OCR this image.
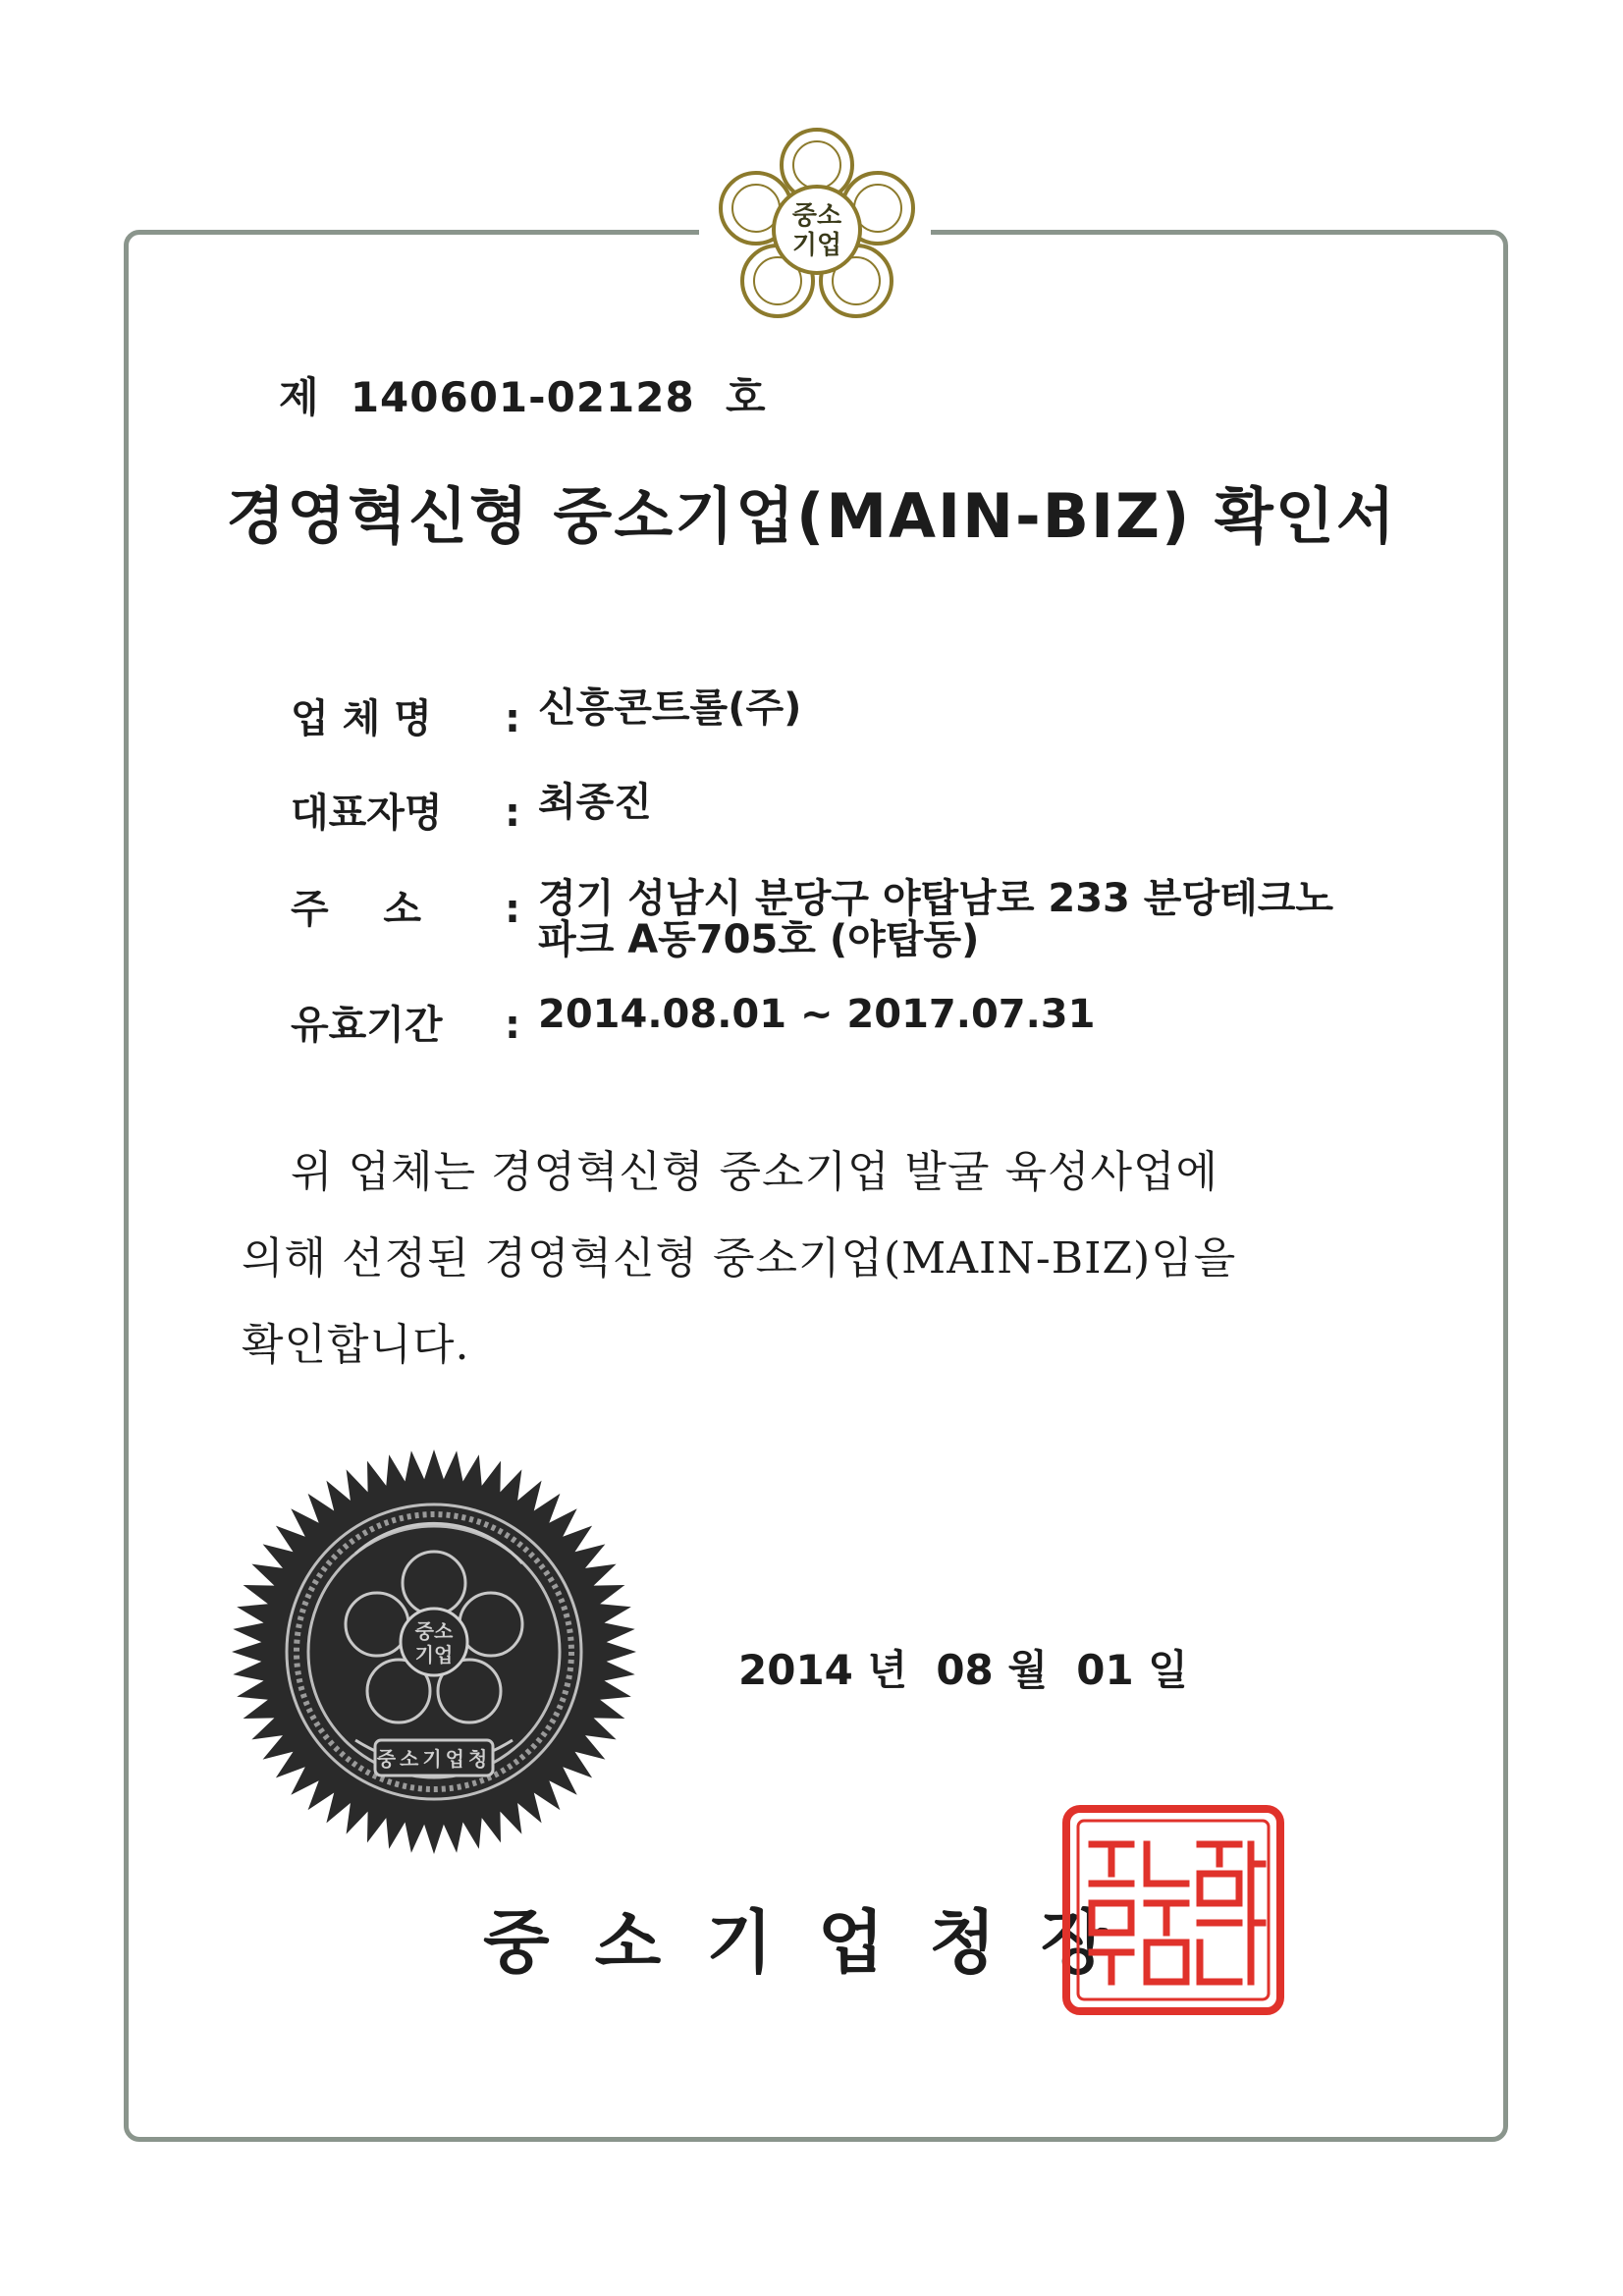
중소
기업
제  140601-02128  호
경영혁신형 중소기업(MAIN-BIZ) 확인서
업 체 명 : 신흥콘트롤(주)
대표자명 : 최종진
주    소 : 경기 성남시 분당구 야탑남로 233 분당테크노
파크 A동705호 (야탑동)
유효기간 : 2014.08.01 ~ 2017.07.31
위 업체는 경영혁신형 중소기업 발굴 육성사업에
의해 선정된 경영혁신형 중소기업(MAIN-BIZ)임을
확인합니다.
중소
기업
중소기업청
2014 년  08 월  01 일
중소기업청장
